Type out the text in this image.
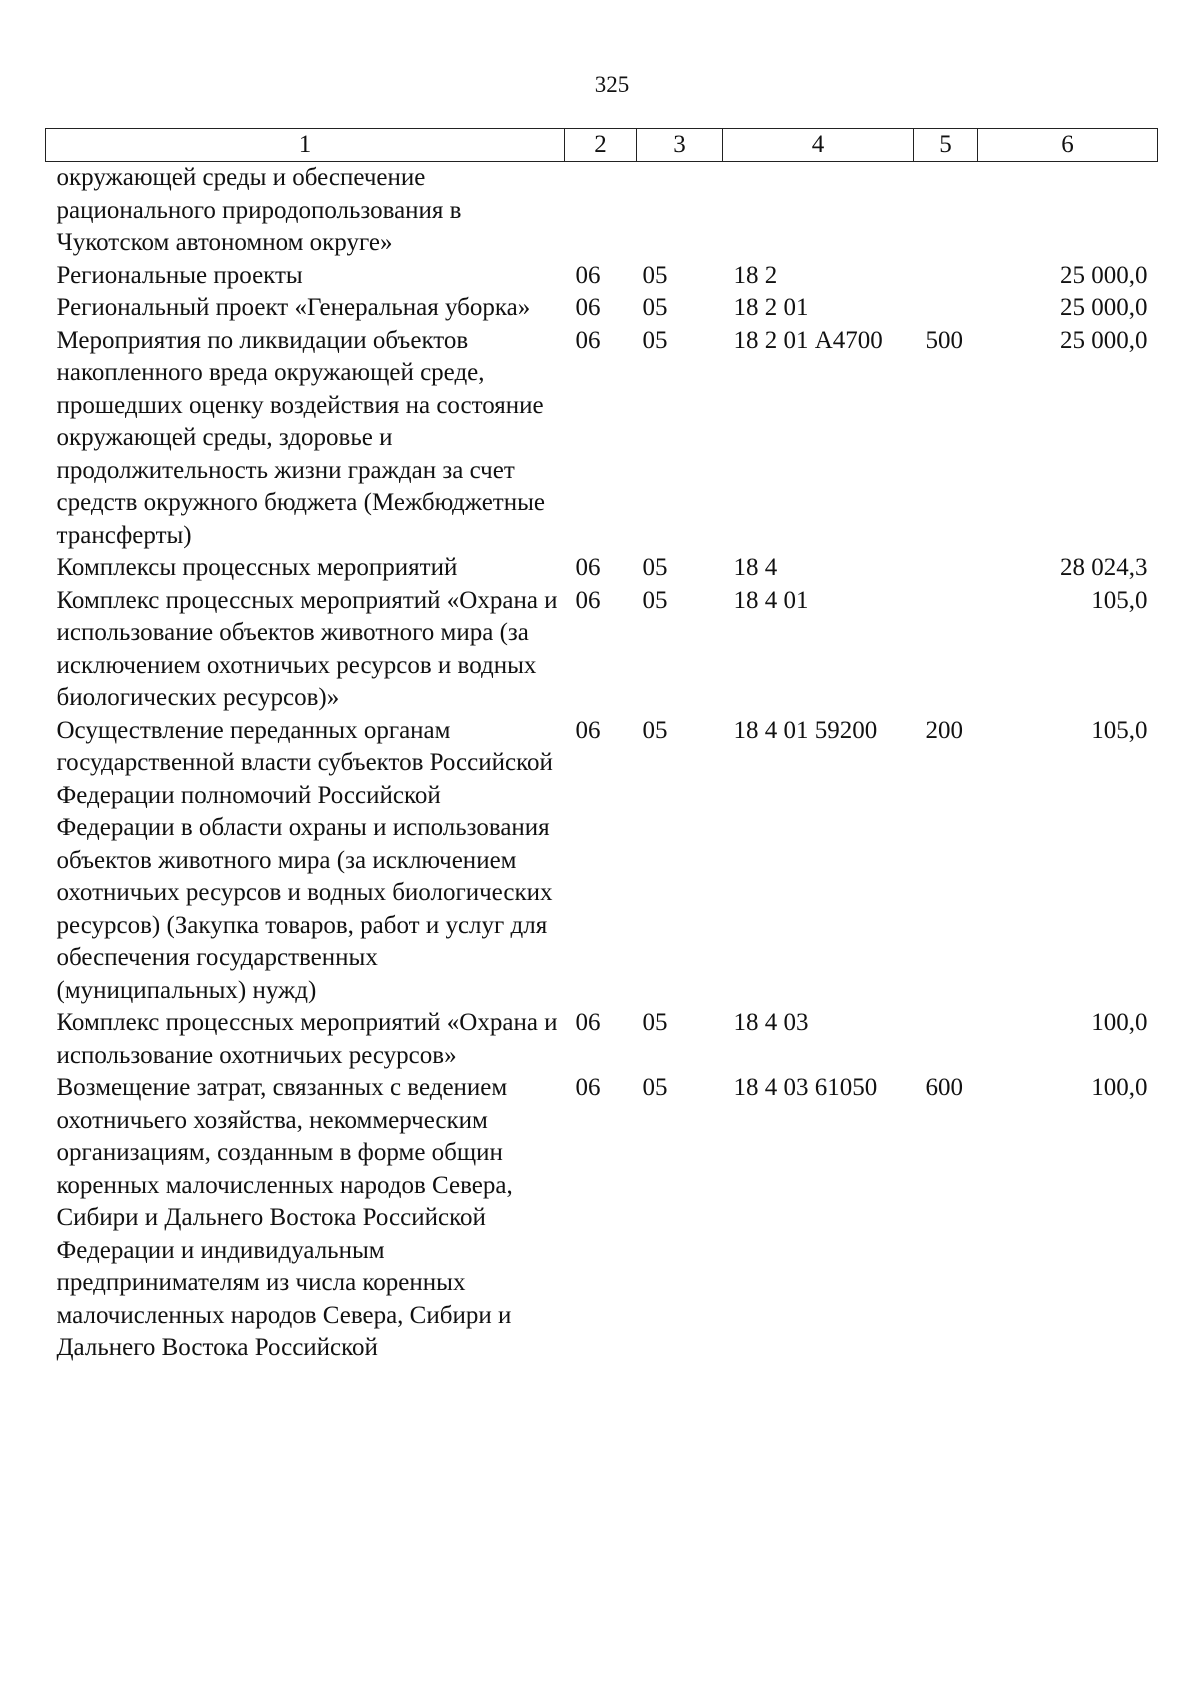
325
1	2	3	4	5	6
окружающей среды и обеспечение рационального природопользования в Чукотском автономном округе»					
Региональные проекты	06	05	18 2		25 000,0
Региональный проект «Генеральная уборка»	06	05	18 2 01		25 000,0
Мероприятия по ликвидации объектов накопленного вреда окружающей среде, прошедших оценку воздействия на состояние окружающей среды, здоровье и продолжительность жизни граждан за счет средств окружного бюджета (Межбюджетные трансферты)	06	05	18 2 01 А4700	500	25 000,0
Комплексы процессных мероприятий	06	05	18 4		28 024,3
Комплекс процессных мероприятий «Охрана и использование объектов животного мира (за исключением охотничьих ресурсов и водных биологических ресурсов)»	06	05	18 4 01		105,0
Осуществление переданных органам государственной власти субъектов Российской Федерации полномочий Российской Федерации в области охраны и использования объектов животного мира (за исключением охотничьих ресурсов и водных биологических ресурсов) (Закупка товаров, работ и услуг для обеспечения государственных (муниципальных) нужд)	06	05	18 4 01 59200	200	105,0
Комплекс процессных мероприятий «Охрана и использование охотничьих ресурсов»	06	05	18 4 03		100,0
Возмещение затрат, связанных с ведением охотничьего хозяйства, некоммерческим организациям, созданным в форме общин коренных малочисленных народов Севера, Сибири и Дальнего Востока Российской Федерации и индивидуальным предпринимателям из числа коренных малочисленных народов Севера, Сибири и Дальнего Востока Российской	06	05	18 4 03 61050	600	100,0
